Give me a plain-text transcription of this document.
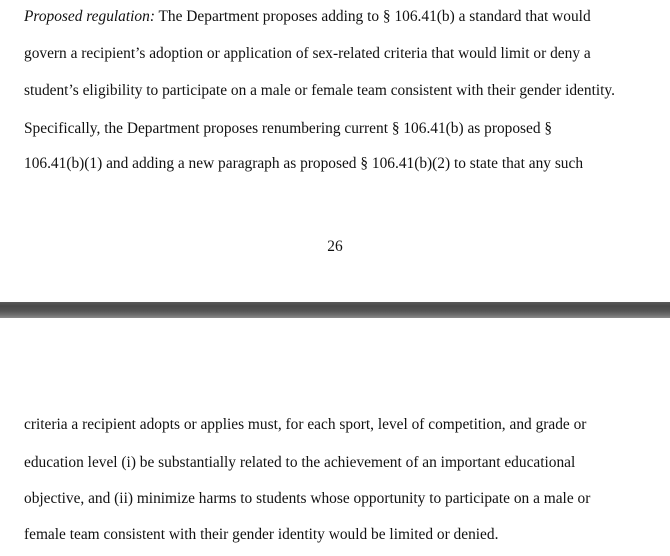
Proposed regulation: The Department proposes adding to § 106.41(b) a standard that would

govern a recipient’s adoption or application of sex-related criteria that would limit or deny a

student’s eligibility to participate on a male or female team consistent with their gender identity.

Specifically, the Department proposes renumbering current § 106.41(b) as proposed §

106.41(b)(1) and adding a new paragraph as proposed § 106.41(b)(2) to state that any such

26

criteria a recipient adopts or applies must, for each sport, level of competition, and grade or

education level (i) be substantially related to the achievement of an important educational

objective, and (ii) minimize harms to students whose opportunity to participate on a male or

female team consistent with their gender identity would be limited or denied.
